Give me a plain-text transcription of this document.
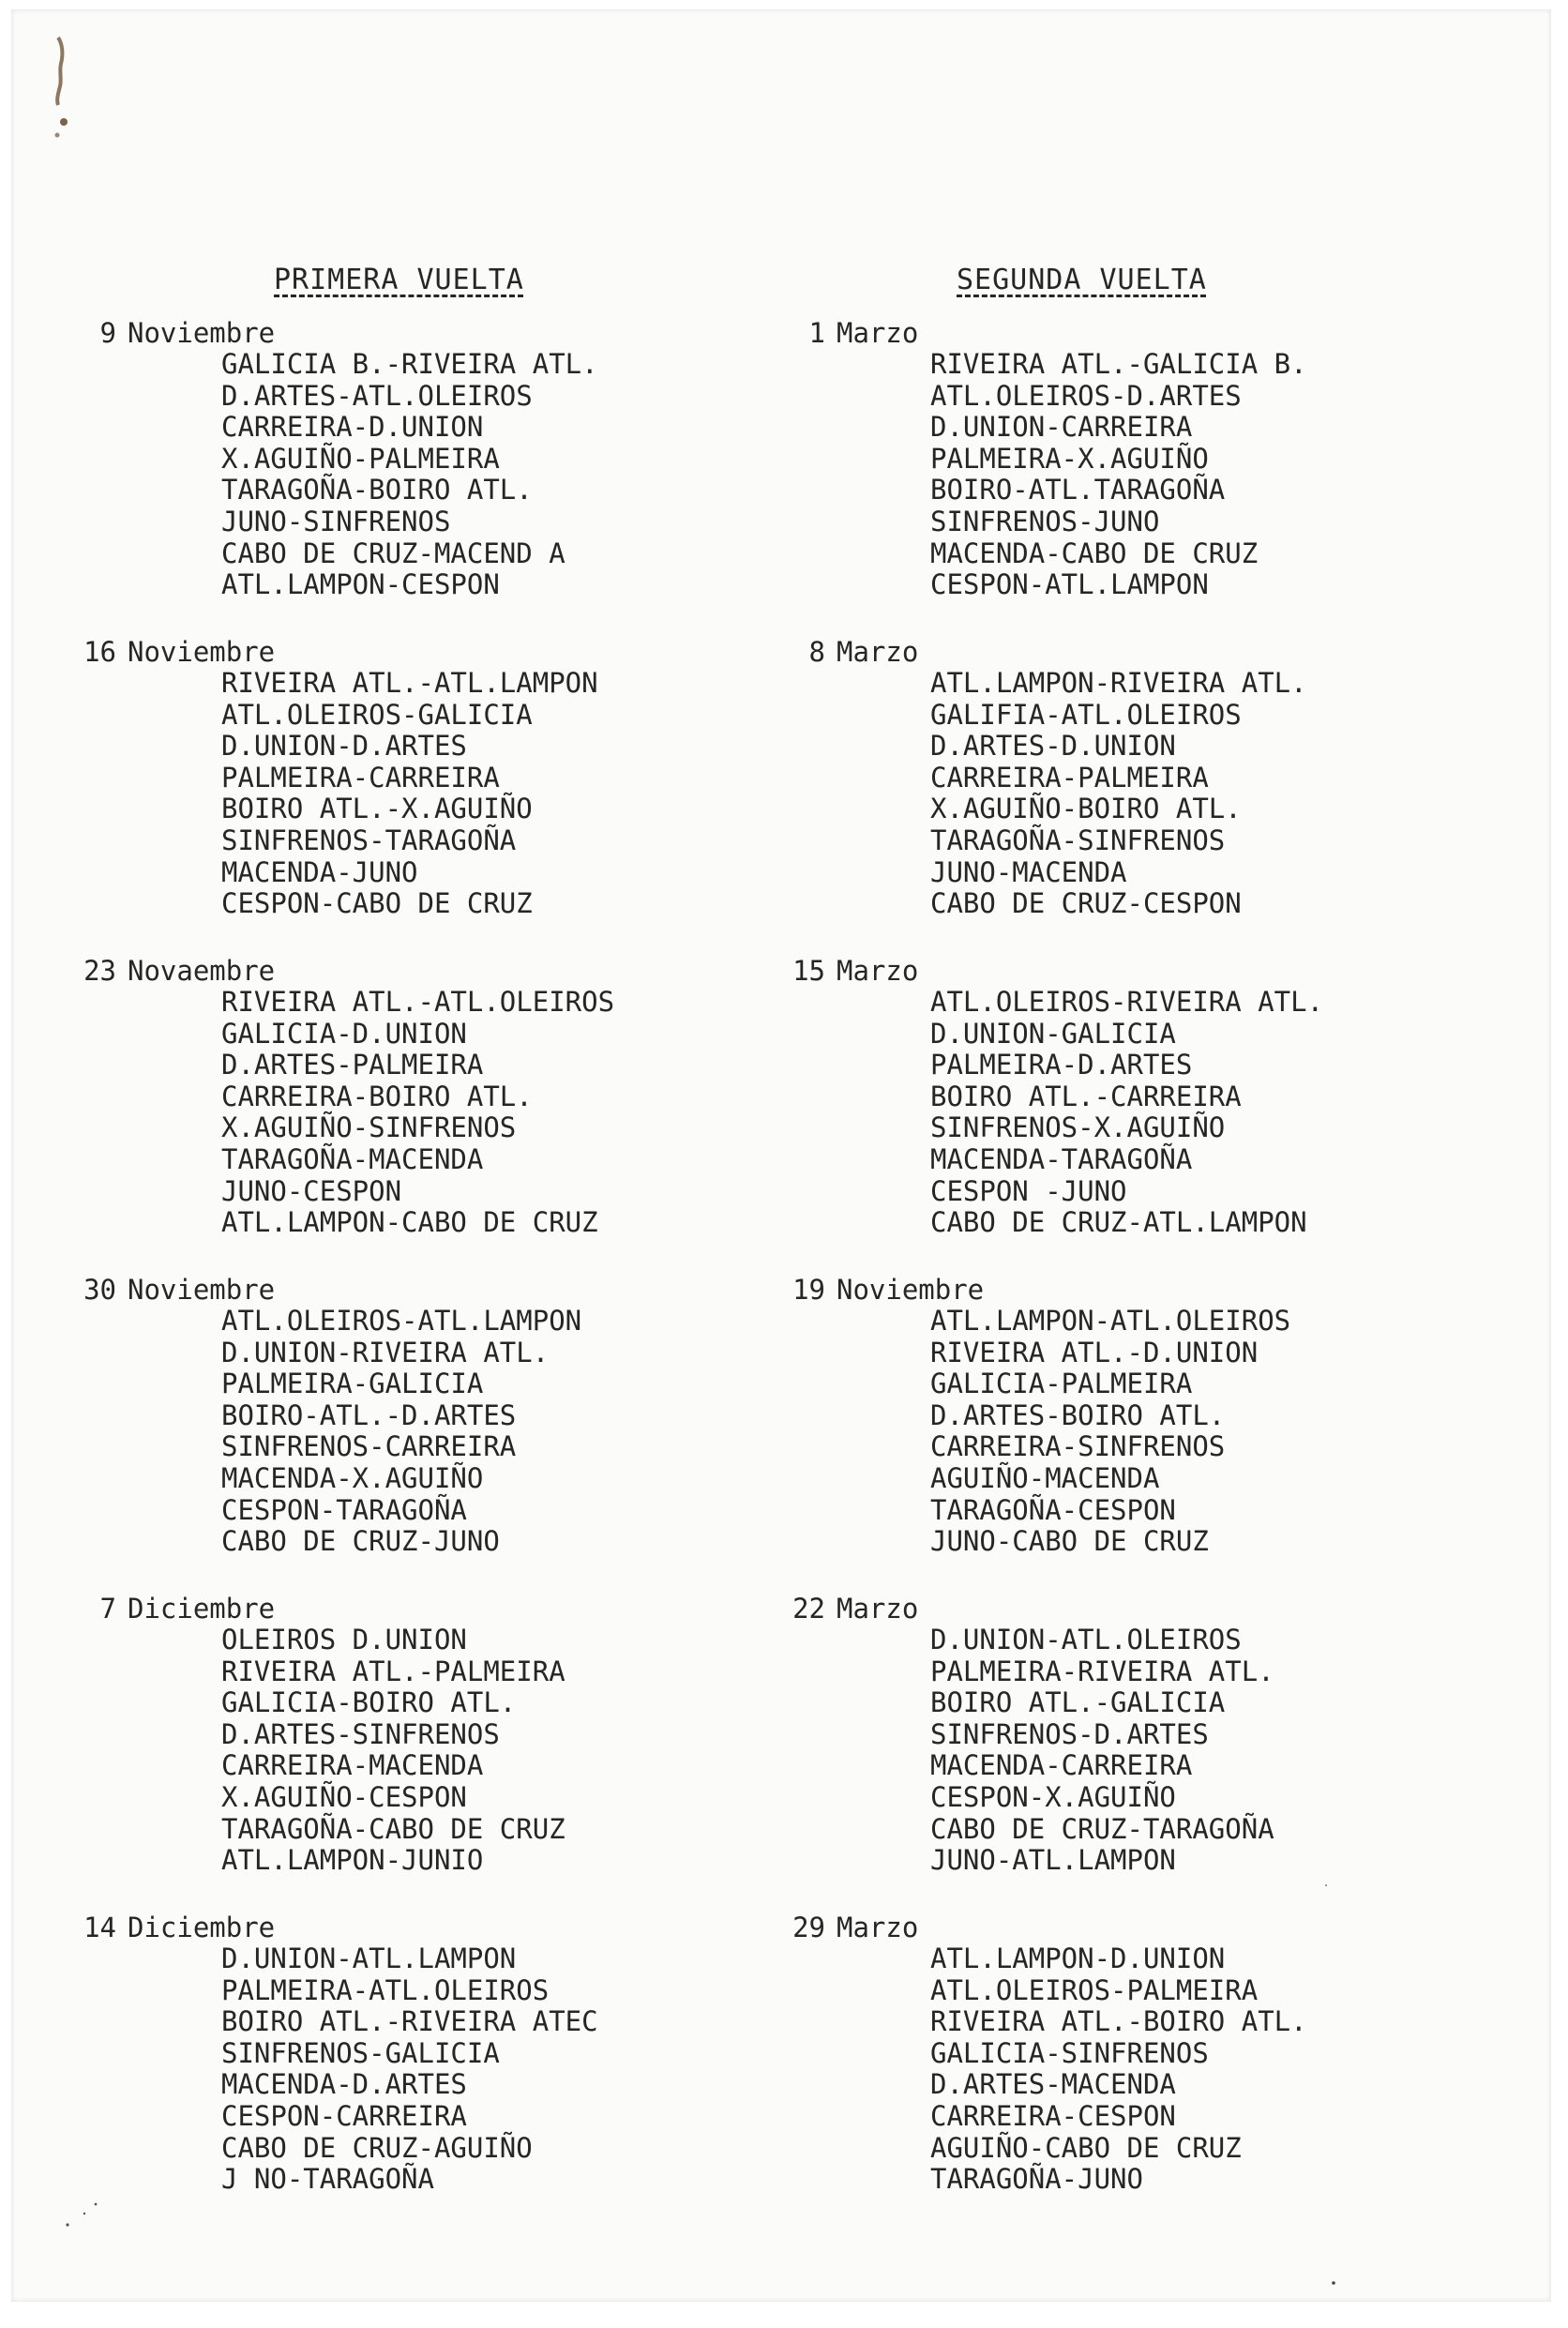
PRIMERA VUELTA
9 Noviembre
GALICIA B.-RIVEIRA ATL.
D.ARTES-ATL.OLEIROS
CARREIRA-D.UNION
X.AGUIÑO-PALMEIRA
TARAGOÑA-BOIRO ATL.
JUNO-SINFRENOS
CABO DE CRUZ-MACEND A
ATL.LAMPON-CESPON
16 Noviembre
RIVEIRA ATL.-ATL.LAMPON
ATL.OLEIROS-GALICIA
D.UNION-D.ARTES
PALMEIRA-CARREIRA
BOIRO ATL.-X.AGUIÑO
SINFRENOS-TARAGOÑA
MACENDA-JUNO
CESPON-CABO DE CRUZ
23 Novaembre
RIVEIRA ATL.-ATL.OLEIROS
GALICIA-D.UNION
D.ARTES-PALMEIRA
CARREIRA-BOIRO ATL.
X.AGUIÑO-SINFRENOS
TARAGOÑA-MACENDA
JUNO-CESPON
ATL.LAMPON-CABO DE CRUZ
30 Noviembre
ATL.OLEIROS-ATL.LAMPON
D.UNION-RIVEIRA ATL.
PALMEIRA-GALICIA
BOIRO-ATL.-D.ARTES
SINFRENOS-CARREIRA
MACENDA-X.AGUIÑO
CESPON-TARAGOÑA
CABO DE CRUZ-JUNO
7 Diciembre
OLEIROS D.UNION
RIVEIRA ATL.-PALMEIRA
GALICIA-BOIRO ATL.
D.ARTES-SINFRENOS
CARREIRA-MACENDA
X.AGUIÑO-CESPON
TARAGOÑA-CABO DE CRUZ
ATL.LAMPON-JUNIO
14 Diciembre
D.UNION-ATL.LAMPON
PALMEIRA-ATL.OLEIROS
BOIRO ATL.-RIVEIRA ATEC
SINFRENOS-GALICIA
MACENDA-D.ARTES
CESPON-CARREIRA
CABO DE CRUZ-AGUIÑO
J NO-TARAGOÑA
SEGUNDA VUELTA
1 Marzo
RIVEIRA ATL.-GALICIA B.
ATL.OLEIROS-D.ARTES
D.UNION-CARREIRA
PALMEIRA-X.AGUIÑO
BOIRO-ATL.TARAGOÑA
SINFRENOS-JUNO
MACENDA-CABO DE CRUZ
CESPON-ATL.LAMPON
8 Marzo
ATL.LAMPON-RIVEIRA ATL.
GALIFIA-ATL.OLEIROS
D.ARTES-D.UNION
CARREIRA-PALMEIRA
X.AGUIÑO-BOIRO ATL.
TARAGOÑA-SINFRENOS
JUNO-MACENDA
CABO DE CRUZ-CESPON
15 Marzo
ATL.OLEIROS-RIVEIRA ATL.
D.UNION-GALICIA
PALMEIRA-D.ARTES
BOIRO ATL.-CARREIRA
SINFRENOS-X.AGUIÑO
MACENDA-TARAGOÑA
CESPON -JUNO
CABO DE CRUZ-ATL.LAMPON
19 Noviembre
ATL.LAMPON-ATL.OLEIROS
RIVEIRA ATL.-D.UNION
GALICIA-PALMEIRA
D.ARTES-BOIRO ATL.
CARREIRA-SINFRENOS
AGUIÑO-MACENDA
TARAGOÑA-CESPON
JUNO-CABO DE CRUZ
22 Marzo
D.UNION-ATL.OLEIROS
PALMEIRA-RIVEIRA ATL.
BOIRO ATL.-GALICIA
SINFRENOS-D.ARTES
MACENDA-CARREIRA
CESPON-X.AGUIÑO
CABO DE CRUZ-TARAGOÑA
JUNO-ATL.LAMPON
29 Marzo
ATL.LAMPON-D.UNION
ATL.OLEIROS-PALMEIRA
RIVEIRA ATL.-BOIRO ATL.
GALICIA-SINFRENOS
D.ARTES-MACENDA
CARREIRA-CESPON
AGUIÑO-CABO DE CRUZ
TARAGOÑA-JUNO
